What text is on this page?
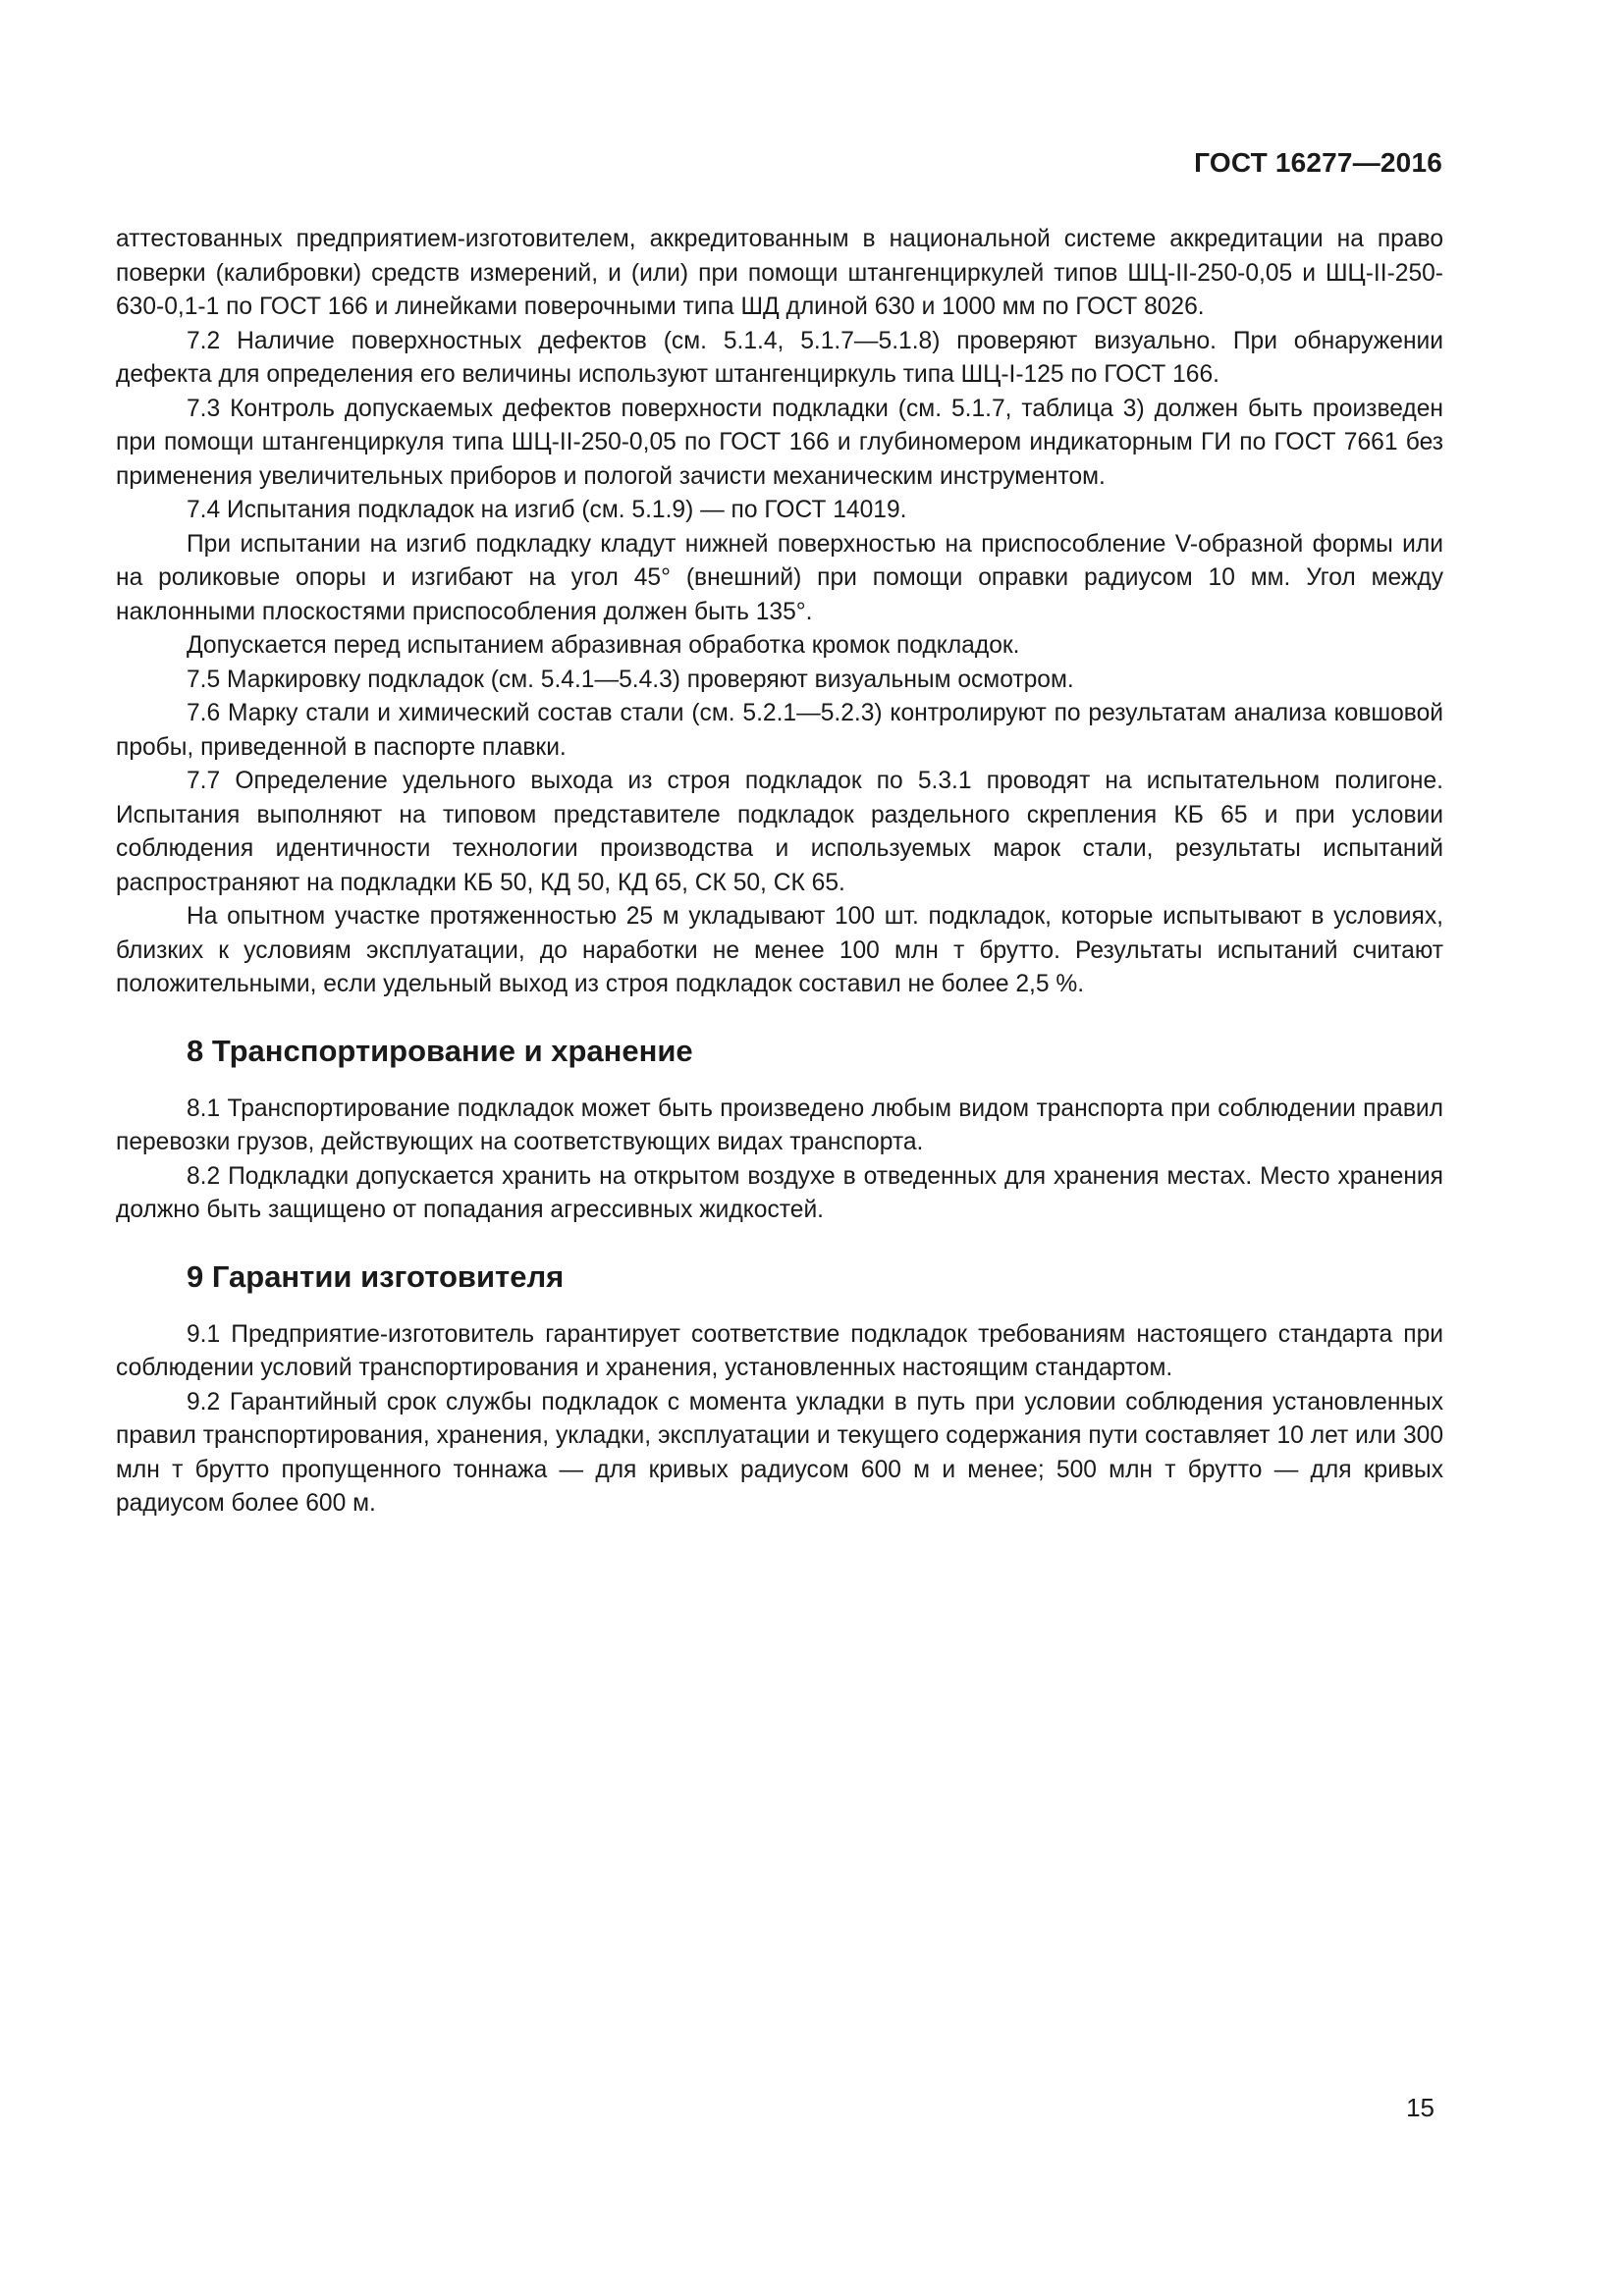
ГОСТ 16277—2016

аттестованных предприятием-изготовителем, аккредитованным в национальной системе аккредитации на право поверки (калибровки) средств измерений, и (или) при помощи штангенциркулей типов ШЦ-II-250-0,05 и ШЦ-II-250-630-0,1-1 по ГОСТ 166 и линейками поверочными типа ШД длиной 630 и 1000 мм по ГОСТ 8026.

7.2 Наличие поверхностных дефектов (см. 5.1.4, 5.1.7—5.1.8) проверяют визуально. При обнаружении дефекта для определения его величины используют штангенциркуль типа ШЦ-I-125 по ГОСТ 166.

7.3 Контроль допускаемых дефектов поверхности подкладки (см. 5.1.7, таблица 3) должен быть произведен при помощи штангенциркуля типа ШЦ-II-250-0,05 по ГОСТ 166 и глубиномером индикаторным ГИ по ГОСТ 7661 без применения увеличительных приборов и пологой зачисти механическим инструментом.

7.4 Испытания подкладок на изгиб (см. 5.1.9) — по ГОСТ 14019.

При испытании на изгиб подкладку кладут нижней поверхностью на приспособление V-образной формы или на роликовые опоры и изгибают на угол 45° (внешний) при помощи оправки радиусом 10 мм. Угол между наклонными плоскостями приспособления должен быть 135°.

Допускается перед испытанием абразивная обработка кромок подкладок.

7.5 Маркировку подкладок (см. 5.4.1—5.4.3) проверяют визуальным осмотром.

7.6 Марку стали и химический состав стали (см. 5.2.1—5.2.3) контролируют по результатам анализа ковшовой пробы, приведенной в паспорте плавки.

7.7 Определение удельного выхода из строя подкладок по 5.3.1 проводят на испытательном полигоне. Испытания выполняют на типовом представителе подкладок раздельного скрепления КБ 65 и при условии соблюдения идентичности технологии производства и используемых марок стали, результаты испытаний распространяют на подкладки КБ 50, КД 50, КД 65, СК 50, СК 65.

На опытном участке протяженностью 25 м укладывают 100 шт. подкладок, которые испытывают в условиях, близких к условиям эксплуатации, до наработки не менее 100 млн т брутто. Результаты испытаний считают положительными, если удельный выход из строя подкладок составил не более 2,5 %.

8 Транспортирование и хранение

8.1 Транспортирование подкладок может быть произведено любым видом транспорта при соблюдении правил перевозки грузов, действующих на соответствующих видах транспорта.

8.2 Подкладки допускается хранить на открытом воздухе в отведенных для хранения местах. Место хранения должно быть защищено от попадания агрессивных жидкостей.

9 Гарантии изготовителя

9.1 Предприятие-изготовитель гарантирует соответствие подкладок требованиям настоящего стандарта при соблюдении условий транспортирования и хранения, установленных настоящим стандартом.

9.2 Гарантийный срок службы подкладок с момента укладки в путь при условии соблюдения установленных правил транспортирования, хранения, укладки, эксплуатации и текущего содержания пути составляет 10 лет или 300 млн т брутто пропущенного тоннажа — для кривых радиусом 600 м и менее; 500 млн т брутто — для кривых радиусом более 600 м.

15
